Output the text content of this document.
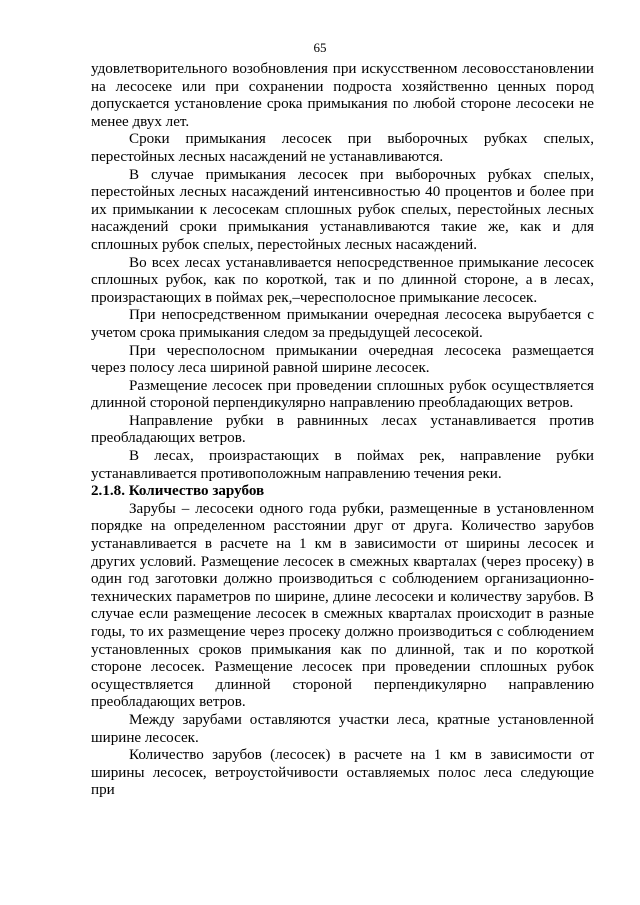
65

удовлетворительного возобновления при искусственном лесовосстановлении на лесосеке или при сохранении подроста хозяйственно ценных пород допускается установление срока примыкания по любой стороне лесосеки не менее двух лет.

Сроки примыкания лесосек при выборочных рубках спелых, перестойных лесных насаждений не устанавливаются.

В случае примыкания лесосек при выборочных рубках спелых, перестойных лесных насаждений интенсивностью 40 процентов и более при их примыкании к лесосекам сплошных рубок спелых, перестойных лесных насаждений сроки примыкания устанавливаются такие же, как и для сплошных рубок спелых, перестойных лесных насаждений.

Во всех лесах устанавливается непосредственное примыкание лесосек сплошных рубок, как по короткой, так и по длинной стороне, а в лесах, произрастающих в поймах рек,–чересполосное примыкание лесосек.

При непосредственном примыкании очередная лесосека вырубается с учетом срока примыкания следом за предыдущей лесосекой.

При чересполосном примыкании очередная лесосека размещается через полосу леса шириной равной ширине лесосек.

Размещение лесосек при проведении сплошных рубок осуществляется длинной стороной перпендикулярно направлению преобладающих ветров.

Направление рубки в равнинных лесах устанавливается против преобладающих ветров.

В лесах, произрастающих в поймах рек, направление рубки устанавливается противоположным направлению течения реки.

2.1.8. Количество зарубов

Зарубы – лесосеки одного года рубки, размещенные в установленном порядке на определенном расстоянии друг от друга. Количество зарубов устанавливается в расчете на 1 км в зависимости от ширины лесосек и других условий. Размещение лесосек в смежных кварталах (через просеку) в один год заготовки должно производиться с соблюдением организационно-технических параметров по ширине, длине лесосеки и количеству зарубов. В случае если размещение лесосек в смежных кварталах происходит в разные годы, то их размещение через просеку должно производиться с соблюдением установленных сроков примыкания как по длинной, так и по короткой стороне лесосек. Размещение лесосек при проведении сплошных рубок осуществляется длинной стороной перпендикулярно направлению преобладающих ветров.

Между зарубами оставляются участки леса, кратные установленной ширине лесосек.

Количество зарубов (лесосек) в расчете на 1 км в зависимости от ширины лесосек, ветроустойчивости оставляемых полос леса следующие при
